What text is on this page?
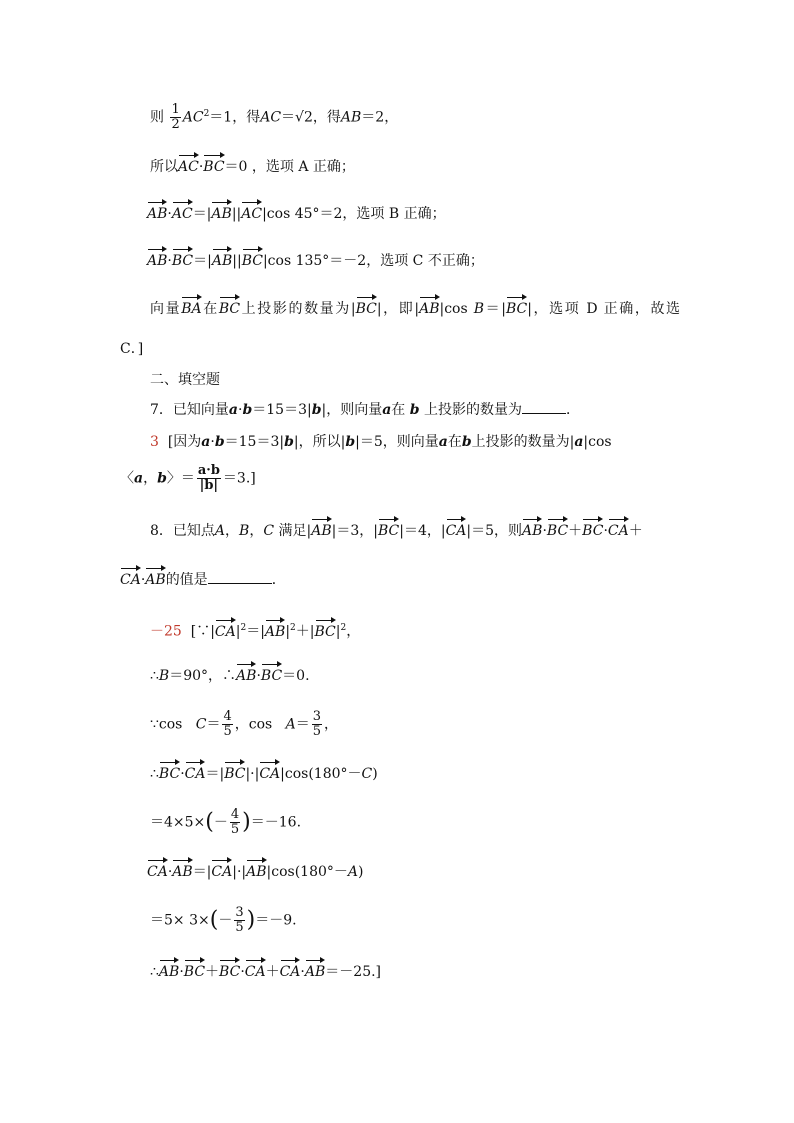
则 $\frac{1}{2} AC^2=1$，得AC＝√2，得AB＝2，
所以AC·BC＝0 ，选项 A 正确；
AB·AC＝|AB||AC|cos 45°＝2，选项 B 正确；
AB·BC＝|AB||BC|cos 135°＝－2，选项 C 不正确；
向量BA在BC上投影的数量为|BC|，即|AB|cos B＝|BC|，选项 D 正确，故选
C．]
二、填空题
7．已知向量a·b＝15＝3|b|，则向量a在 b 上投影的数量为	．
3 [因为a·b＝15＝3|b|，所以|b|＝5，则向量a在b上投影的数量为|a|cos
〈a，b〉＝ $\frac{a\cdot b}{|b|} =3$.]
8．已知点A，B，C 满足|AB|＝3，|BC|＝4，|CA|＝5，则AB·BC＋BC·CA＋
CA·AB的值是	．
－25 [$\because|CA|^2=|AB|^2+|BC|^2$，
∴B＝90°，∴AB·BC＝0.
∵cos $C= \frac{4}{5}$ ，$\cos A= \frac{3}{5}$ ，
∴BC·CA＝|BC|·|CA|cos(180°－C)
$=4\times 5\times(- \frac{4}{5} )=-16$.
CA·AB＝|CA|·|AB|cos(180°－A)
$=5\times 3\times(- \frac{3}{5} )=-9$.
∴AB·BC＋BC·CA＋CA·AB＝－25.]
